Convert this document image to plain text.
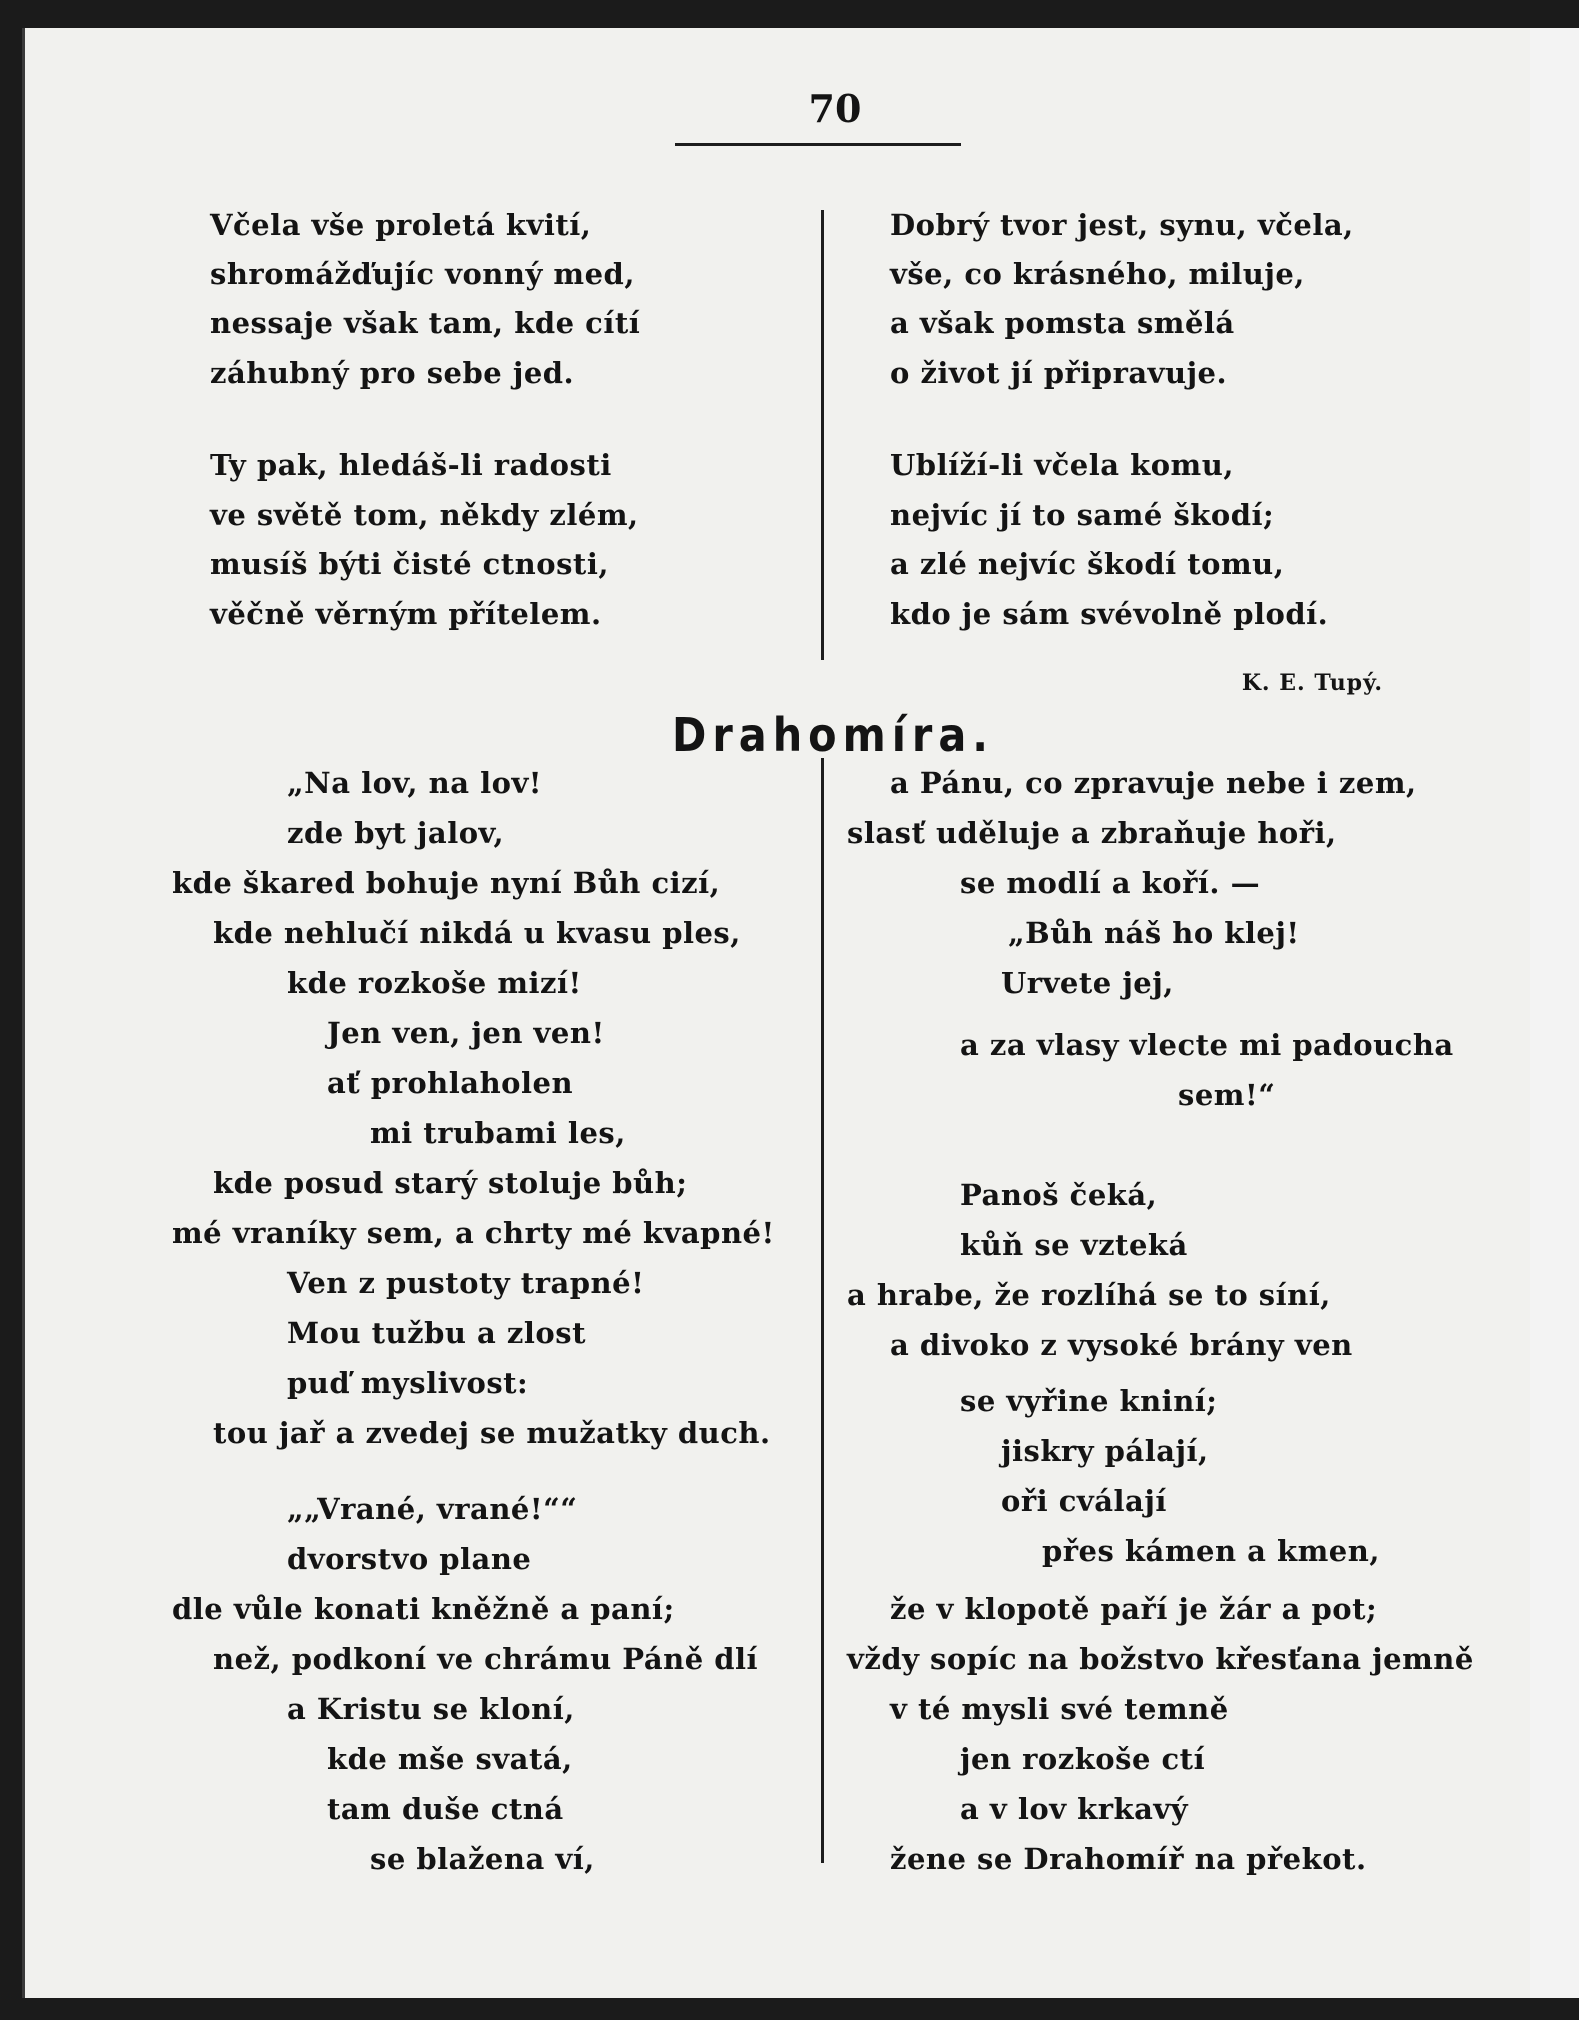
70
Včela vše proletá kvití,
shromážďujíc vonný med,
nessaje však tam, kde cítí
záhubný pro sebe jed.
Ty pak, hledáš-li radosti
ve světě tom, někdy zlém,
musíš býti čisté ctnosti,
věčně věrným přítelem.
Dobrý tvor jest, synu, včela,
vše, co krásného, miluje,
a však pomsta smělá
o život jí připravuje.
Ublíží-li včela komu,
nejvíc jí to samé škodí;
a zlé nejvíc škodí tomu,
kdo je sám svévolně plodí.
K. E. Tupý.
Drahomíra.
„Na lov, na lov!
zde byt jalov,
kde škared bohuje nyní Bůh cizí,
kde nehlučí nikdá u kvasu ples,
kde rozkoše mizí!
Jen ven, jen ven!
ať prohlaholen
mi trubami les,
kde posud starý stoluje bůh;
mé vraníky sem, a chrty mé kvapné!
Ven z pustoty trapné!
Mou tužbu a zlost
puď myslivost:
tou jař a zvedej se mužatky duch.
„„Vrané, vrané!““
dvorstvo plane
dle vůle konati kněžně a paní;
než, podkoní ve chrámu Páně dlí
a Kristu se kloní,
kde mše svatá,
tam duše ctná
se blažena ví,
a Pánu, co zpravuje nebe i zem,
slasť uděluje a zbraňuje hoři,
se modlí a koří. —
„Bůh náš ho klej!
Urvete jej,
a za vlasy vlecte mi padoucha
sem!“
Panoš čeká,
kůň se vzteká
a hrabe, že rozlíhá se to síní,
a divoko z vysoké brány ven
se vyřine kniní;
jiskry pálají,
oři cválají
přes kámen a kmen,
že v klopotě paří je žár a pot;
vždy sopíc na božstvo křesťana jemně
v té mysli své temně
jen rozkoše ctí
a v lov krkavý
žene se Drahomíř na překot.
